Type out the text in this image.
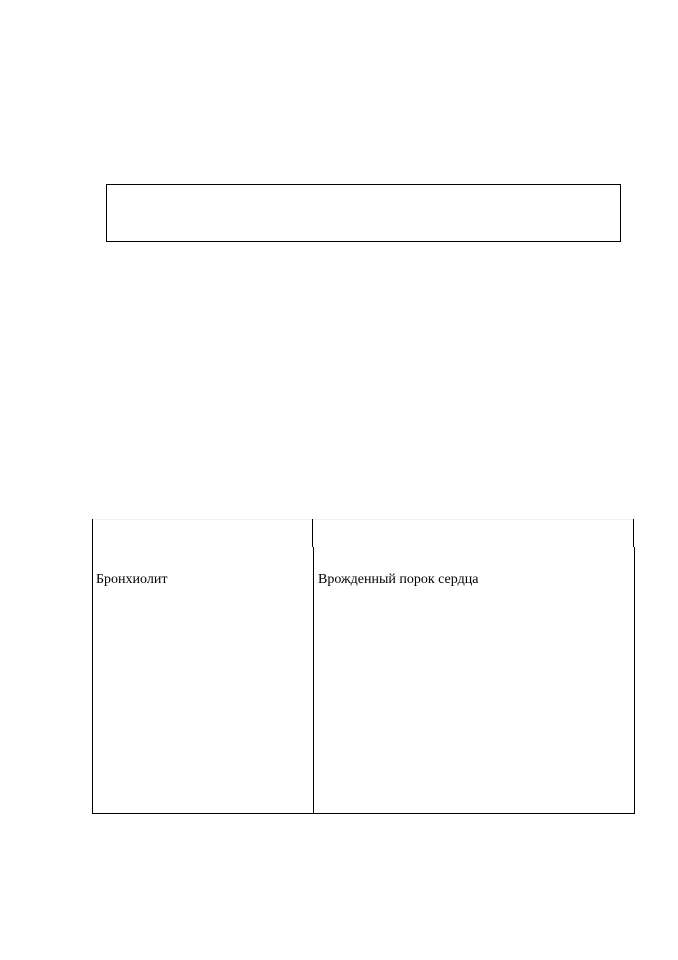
Бронхиолит	Врожденный порок сердца
